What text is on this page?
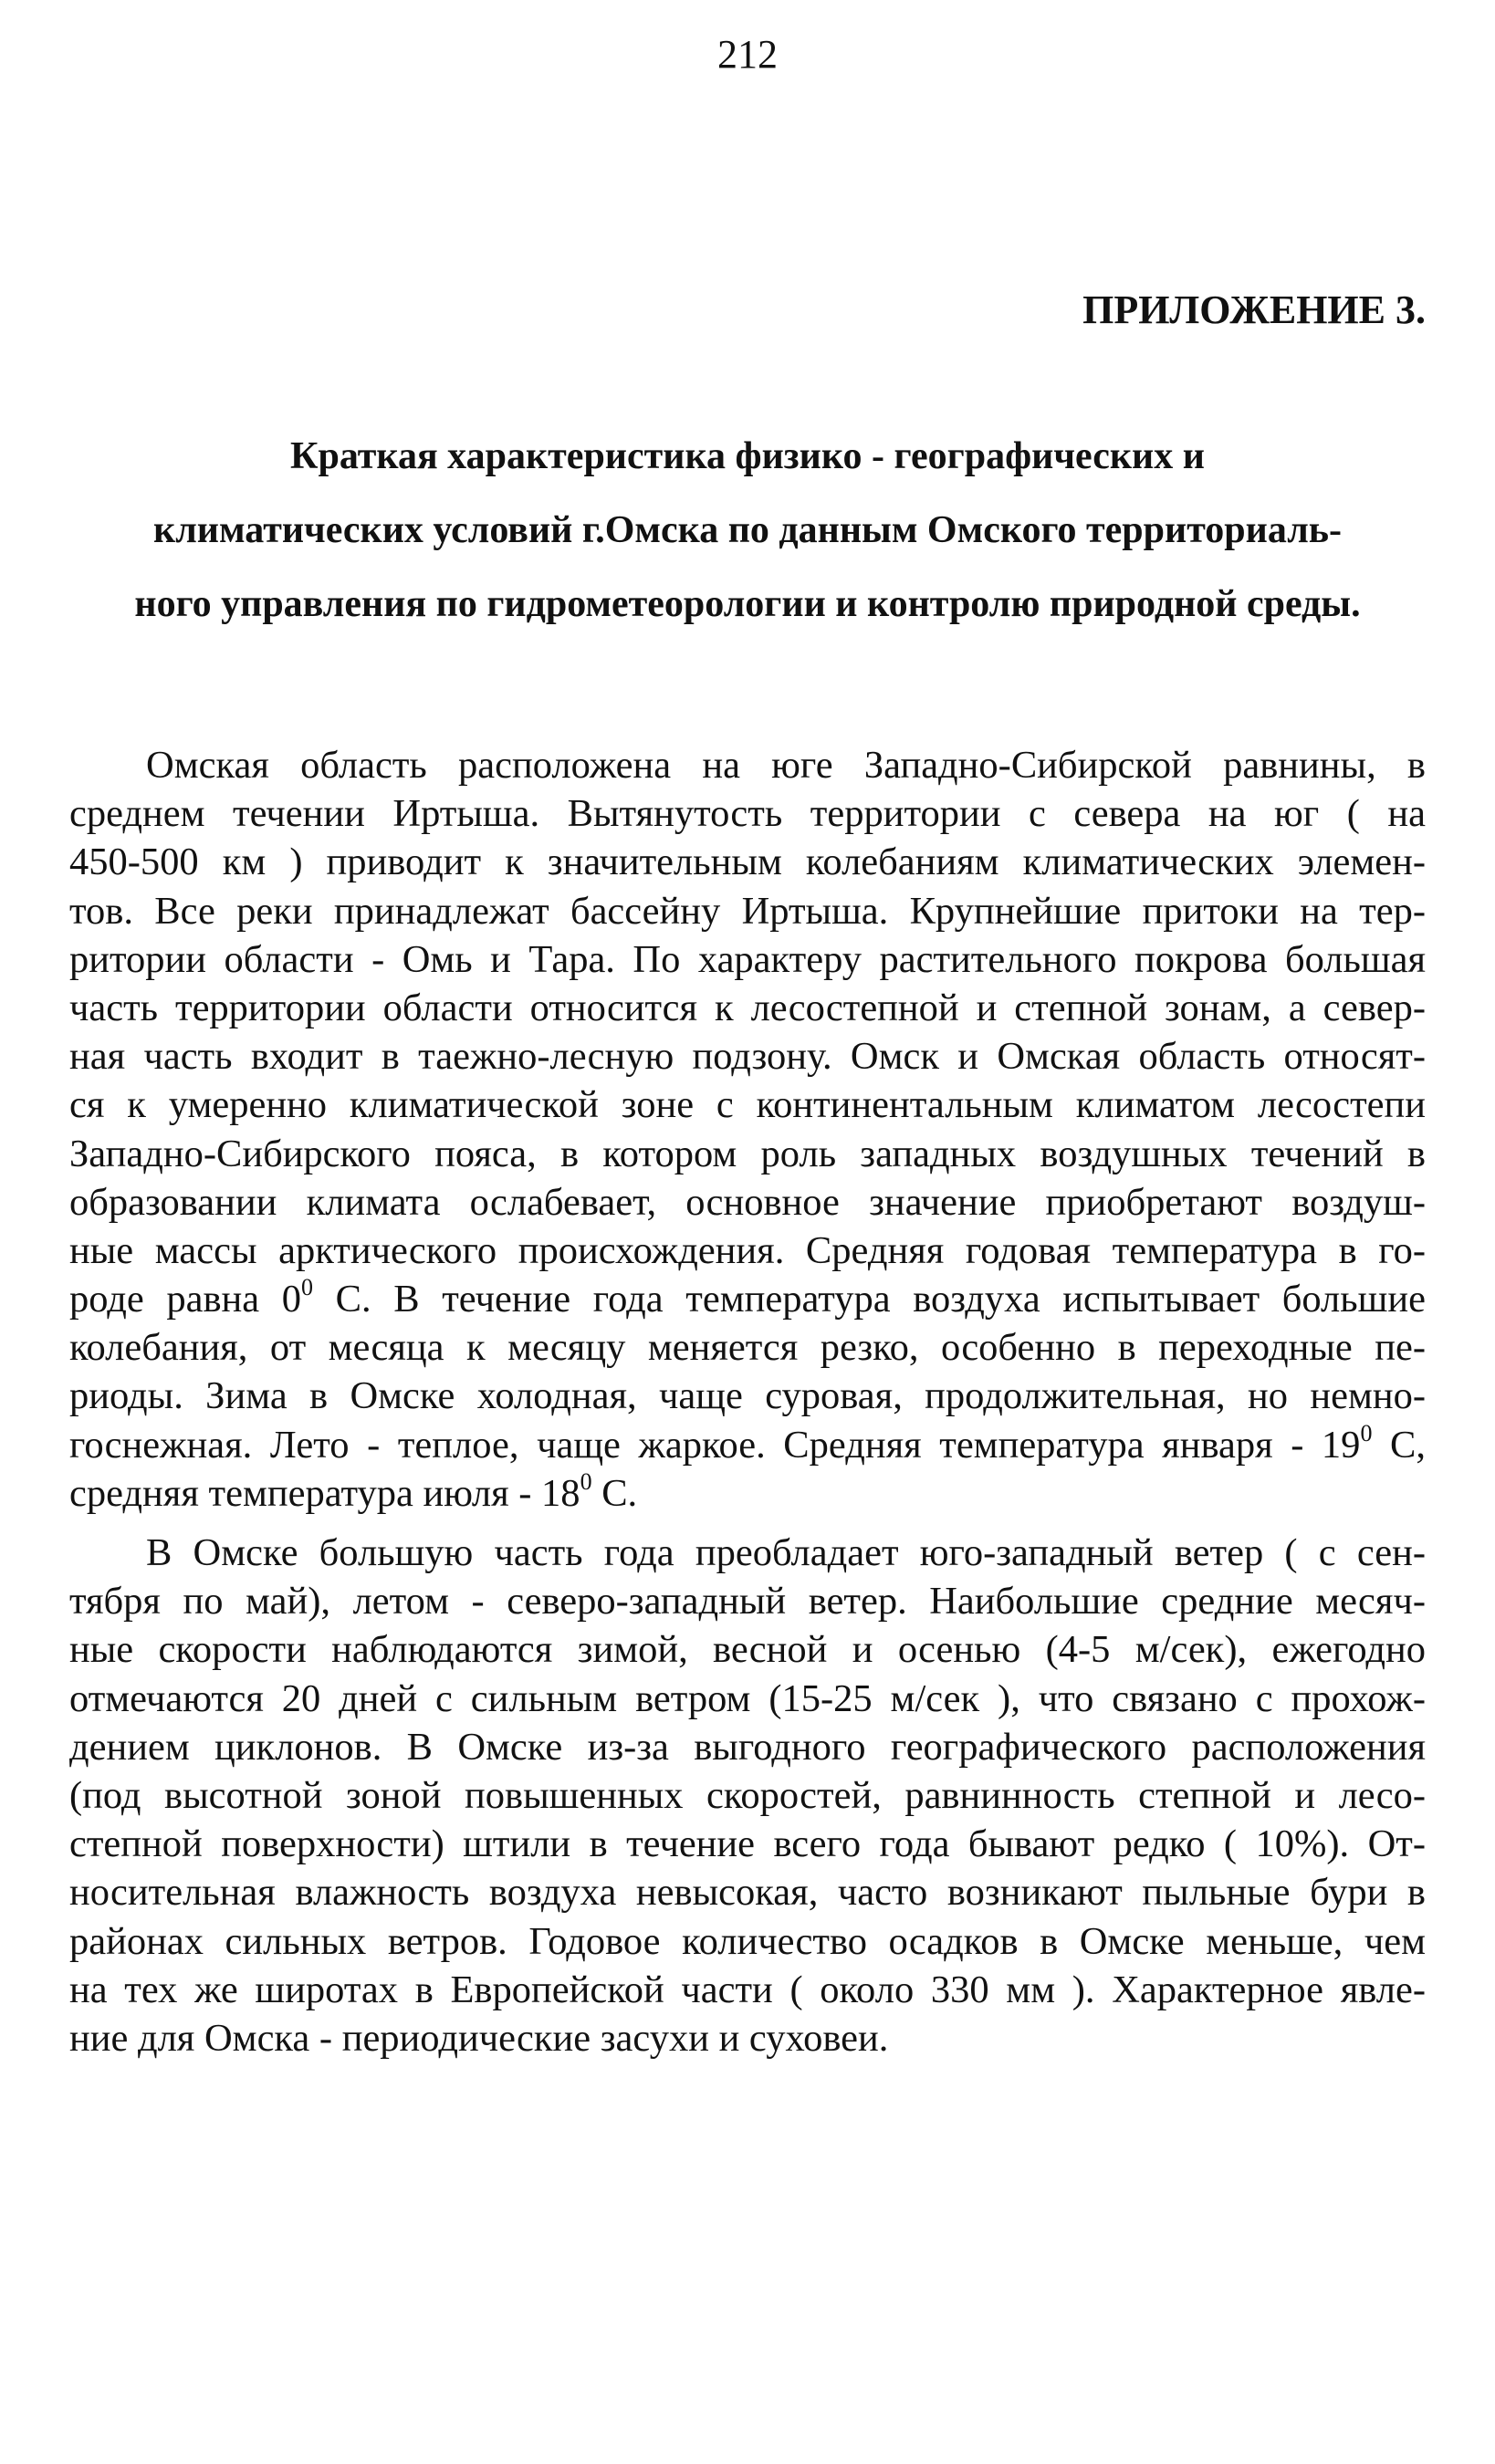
212
ПРИЛОЖЕНИЕ 3.
Краткая характеристика физико - географических и
климатических условий г.Омска по данным Омского территориаль-
ного управления по гидрометеорологии и контролю природной среды.
Омская область расположена на юге Западно-Сибирской равнины, в
среднем течении Иртыша. Вытянутость территории с севера на юг ( на
450-500 км ) приводит к значительным колебаниям климатических элемен-
тов. Все реки принадлежат бассейну Иртыша. Крупнейшие притоки на тер-
ритории области - Омь и Тара. По характеру растительного покрова большая
часть территории области относится к лесостепной и степной зонам, а север-
ная часть входит в таежно-лесную подзону. Омск и Омская область относят-
ся к умеренно климатической зоне с континентальным климатом лесостепи
Западно-Сибирского пояса, в котором роль западных воздушных течений в
образовании климата ослабевает, основное значение приобретают воздуш-
ные массы арктического происхождения. Средняя годовая температура в го-
роде равна $0^0$ С. В течение года температура воздуха испытывает большие
колебания, от месяца к месяцу меняется резко, особенно в переходные пе-
риоды. Зима в Омске холодная, чаще суровая, продолжительная, но немно-
госнежная. Лето - теплое, чаще жаркое. Средняя температура января - $19^0$ С,
средняя температура июля - $18^0$ С.
В Омске большую часть года преобладает юго-западный ветер ( с сен-
тября по май), летом - северо-западный ветер. Наибольшие средние месяч-
ные скорости наблюдаются зимой, весной и осенью (4-5 м/сек), ежегодно
отмечаются 20 дней с сильным ветром (15-25 м/сек ), что связано с прохож-
дением циклонов. В Омске из-за выгодного географического расположения
(под высотной зоной повышенных скоростей, равнинность степной и лесо-
степной поверхности) штили в течение всего года бывают редко ( 10%). От-
носительная влажность воздуха невысокая, часто возникают пыльные бури в
районах сильных ветров. Годовое количество осадков в Омске меньше, чем
на тех же широтах в Европейской части ( около 330 мм ). Характерное явле-
ние для Омска - периодические засухи и суховеи.
